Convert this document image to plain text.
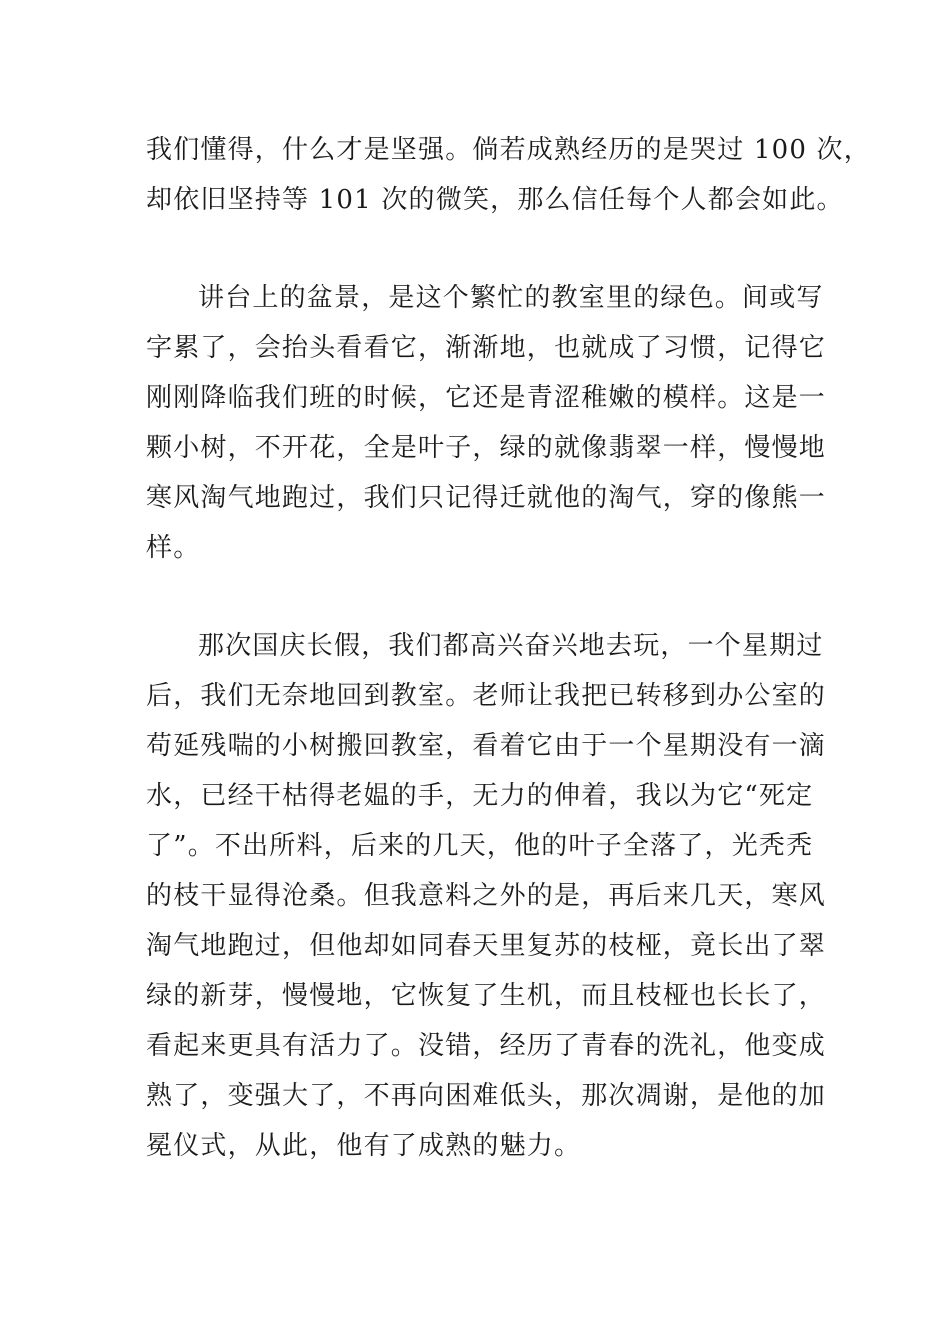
我们懂得，什么才是坚强。倘若成熟经历的是哭过 100 次，
却依旧坚持等 101 次的微笑，那么信任每个人都会如此。
讲台上的盆景，是这个繁忙的教室里的绿色。间或写
字累了，会抬头看看它，渐渐地，也就成了习惯，记得它
刚刚降临我们班的时候，它还是青涩稚嫩的模样。这是一
颗小树，不开花，全是叶子，绿的就像翡翠一样，慢慢地
寒风淘气地跑过，我们只记得迁就他的淘气，穿的像熊一
样。
那次国庆长假，我们都高兴奋兴地去玩，一个星期过
后，我们无奈地回到教室。老师让我把已转移到办公室的
苟延残喘的小树搬回教室，看着它由于一个星期没有一滴
水，已经干枯得老媪的手，无力的伸着，我以为它“死定
了”。不出所料，后来的几天，他的叶子全落了，光秃秃
的枝干显得沧桑。但我意料之外的是，再后来几天，寒风
淘气地跑过，但他却如同春天里复苏的枝桠，竟长出了翠
绿的新芽，慢慢地，它恢复了生机，而且枝桠也长长了，
看起来更具有活力了。没错，经历了青春的洗礼，他变成
熟了，变强大了，不再向困难低头，那次凋谢，是他的加
冕仪式，从此，他有了成熟的魅力。
